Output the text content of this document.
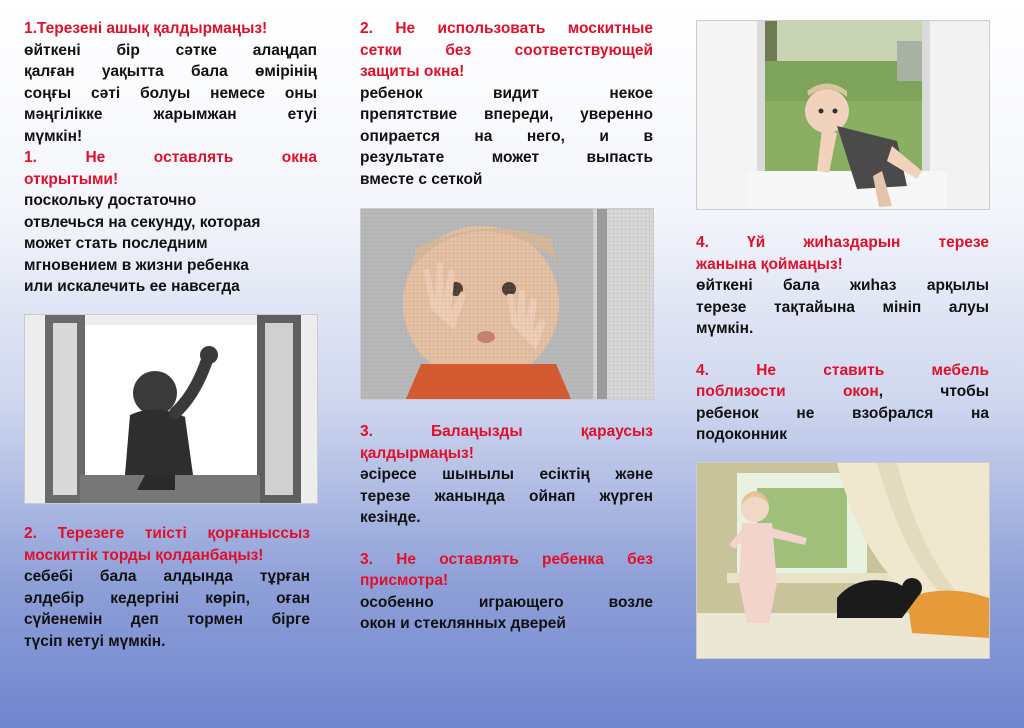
1.Терезені ашық қалдырмаңыз!
өйткені бір сәтке алаңдап
қалған уақытта бала өмірінің
соңғы сәті болуы немесе оны
мәңгілікке жарымжан етуі
мүмкін!
1. Не оставлять окна
открытыми!
поскольку достаточно
отвлечься на секунду, которая
может стать последним
мгновением в жизни ребенка
или искалечить ее навсегда
2. Терезеге тиісті қорғаныссыз
москиттік торды қолданбаңыз!
себебі бала алдында тұрған
әлдебір кедергіні көріп, оған
сүйенемін деп тормен бірге
түсіп кетуі мүмкін.
2. Не использовать москитные
сетки без соответствующей
защиты окна!
ребенок видит некое
препятствие впереди, уверенно
опирается на него, и в
результате может выпасть
вместе с сеткой
3. Балаңызды қараусыз
қалдырмаңыз!
әсіресе шынылы есіктің және
терезе жанында ойнап жүрген
кезінде.
3. Не оставлять ребенка без
присмотра!
особенно играющего возле
окон и стеклянных дверей
4. Үй жиһаздарын терезе
жанына қоймаңыз!
өйткені бала жиһаз арқылы
терезе тақтайына мініп алуы
мүмкін.
4. Не ставить мебель
поблизости окон, чтобы
ребенок не взобрался на
подоконник
